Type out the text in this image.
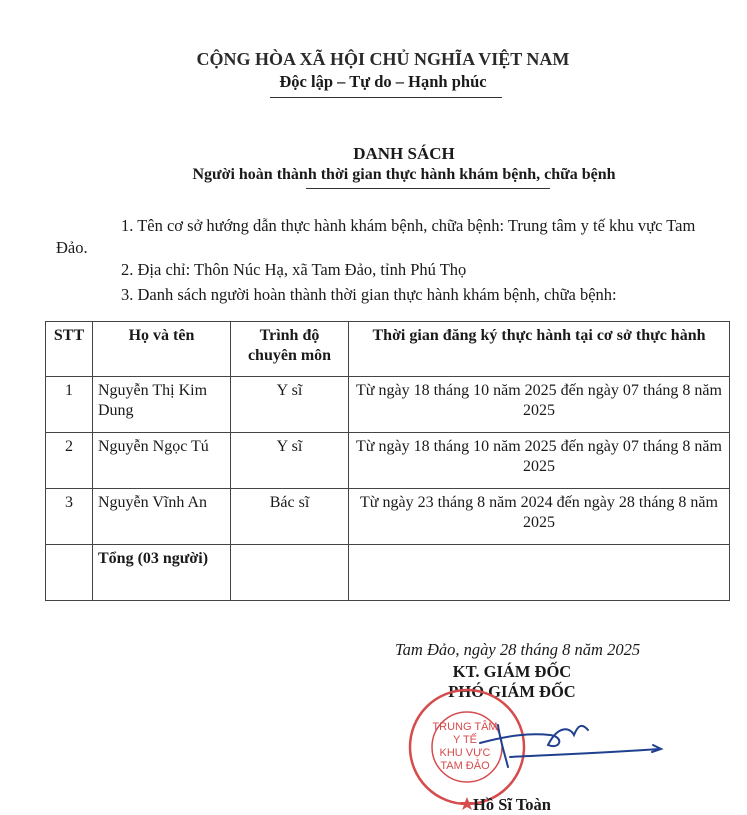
CỘNG HÒA XÃ HỘI CHỦ NGHĨA VIỆT NAM
Độc lập – Tự do – Hạnh phúc
DANH SÁCH
Người hoàn thành thời gian thực hành khám bệnh, chữa bệnh
1. Tên cơ sở hướng dẫn thực hành khám bệnh, chữa bệnh: Trung tâm y tế khu vực Tam Đảo.
2. Địa chỉ: Thôn Núc Hạ, xã Tam Đảo, tỉnh Phú Thọ
3. Danh sách người hoàn thành thời gian thực hành khám bệnh, chữa bệnh:
STT	Họ và tên	Trình độ chuyên môn	Thời gian đăng ký thực hành tại cơ sở thực hành
1	Nguyễn Thị Kim Dung	Y sĩ	Từ ngày 18 tháng 10 năm 2025 đến ngày 07 tháng 8 năm 2025
2	Nguyễn Ngọc Tú	Y sĩ	Từ ngày 18 tháng 10 năm 2025 đến ngày 07 tháng 8 năm 2025
3	Nguyễn Vĩnh An	Bác sĩ	Từ ngày 23 tháng 8 năm 2024 đến ngày 28 tháng 8 năm 2025
	Tổng (03 người)		
Tam Đảo, ngày 28 tháng 8 năm 2025
KT. GIÁM ĐỐC
PHÓ GIÁM ĐỐC
TRUNG TÂM
Y TẾ
KHU VỰC
TAM ĐẢO
Hồ Sĩ Toàn
